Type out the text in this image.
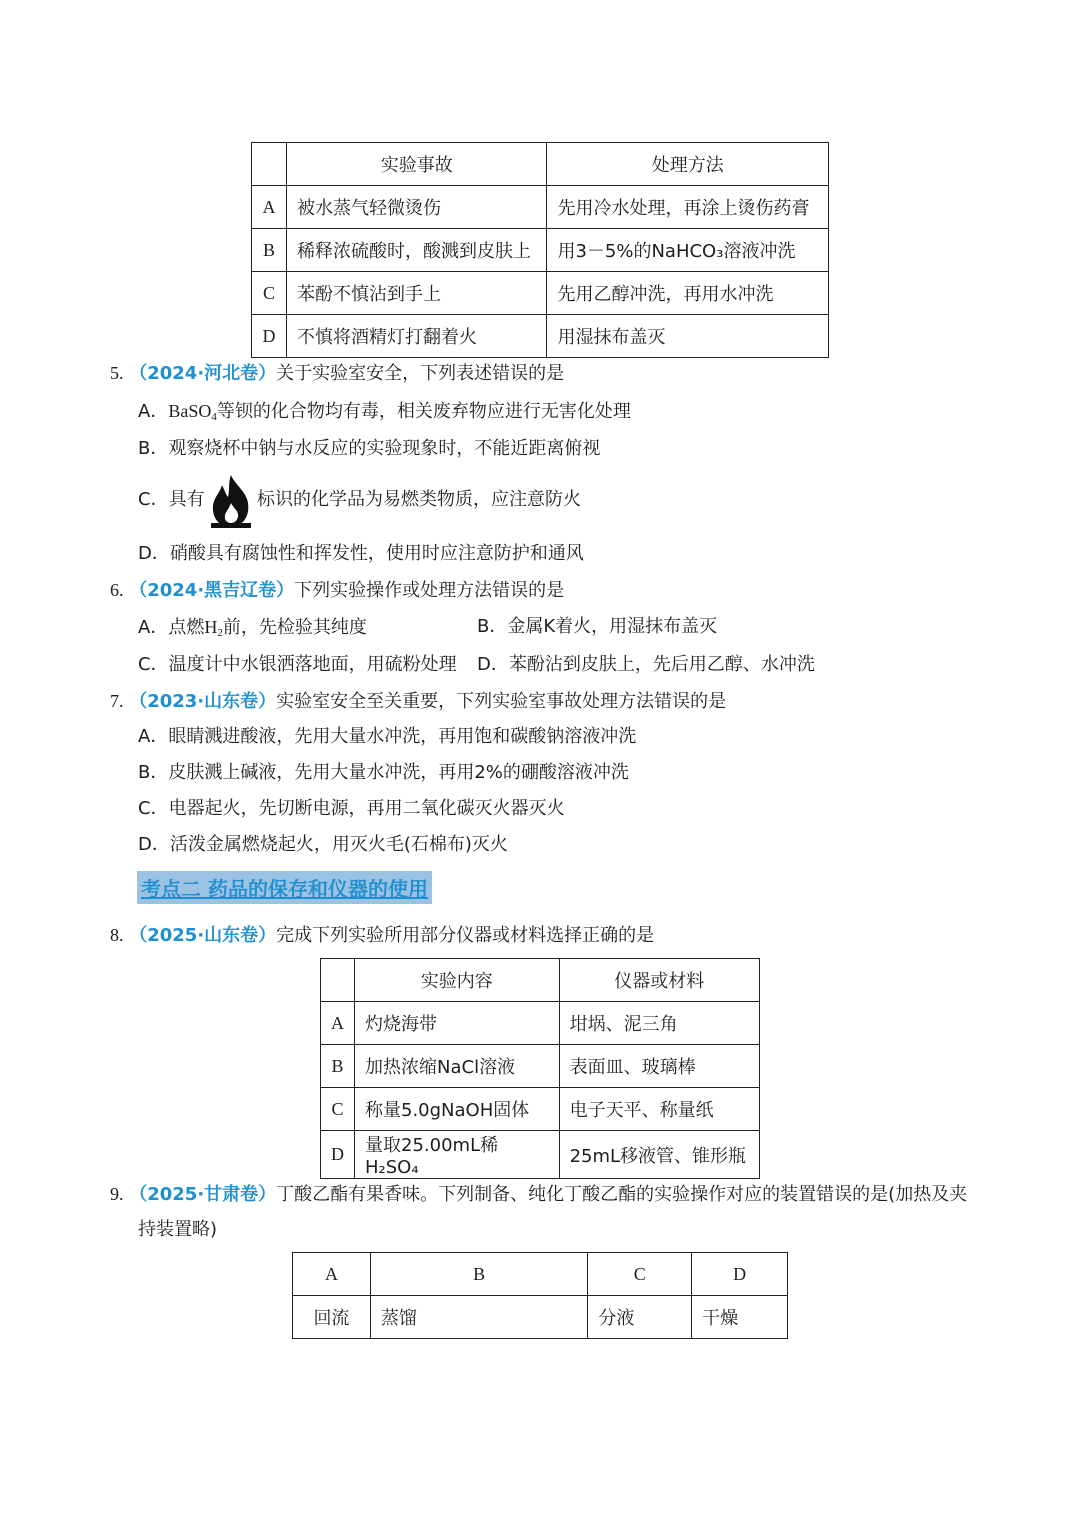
	实验事故	处理方法
A	被水蒸气轻微烫伤	先用冷水处理，再涂上烫伤药膏
B	稀释浓硫酸时，酸溅到皮肤上	用3－5%的NaHCO₃溶液冲洗
C	苯酚不慎沾到手上	先用乙醇冲洗，再用水冲洗
D	不慎将酒精灯打翻着火	用湿抹布盖灭
5. （2024·河北卷）关于实验室安全，下列表述错误的是
A．BaSO$_4$等钡的化合物均有毒，相关废弃物应进行无害化处理
B．观察烧杯中钠与水反应的实验现象时，不能近距离俯视
C．具有	标识的化学品为易燃类物质，应注意防火
D．硝酸具有腐蚀性和挥发性，使用时应注意防护和通风
6. （2024·黑吉辽卷）下列实验操作或处理方法错误的是
A．点燃$H_2$前，先检验其纯度	B．金属K着火，用湿抹布盖灭
C．温度计中水银洒落地面，用硫粉处理 D．苯酚沾到皮肤上，先后用乙醇、水冲洗
7. （2023·山东卷）实验室安全至关重要，下列实验室事故处理方法错误的是
A．眼睛溅进酸液，先用大量水冲洗，再用饱和碳酸钠溶液冲洗
B．皮肤溅上碱液，先用大量水冲洗，再用2%的硼酸溶液冲洗
C．电器起火，先切断电源，再用二氧化碳灭火器灭火
D．活泼金属燃烧起火，用灭火毛(石棉布)灭火
考点二 药品的保存和仪器的使用
8. （2025·山东卷）完成下列实验所用部分仪器或材料选择正确的是
	实验内容	仪器或材料
A	灼烧海带	坩埚、泥三角
B	加热浓缩NaCl溶液	表面皿、玻璃棒
C	称量5.0gNaOH固体	电子天平、称量纸
D	量取25.00mL稀H₂SO₄	25mL移液管、锥形瓶
9. （2025·甘肃卷）丁酸乙酯有果香味。下列制备、纯化丁酸乙酯的实验操作对应的装置错误的是(加热及夹
持装置略)
A	B	C	D
回流	蒸馏	分液	干燥
